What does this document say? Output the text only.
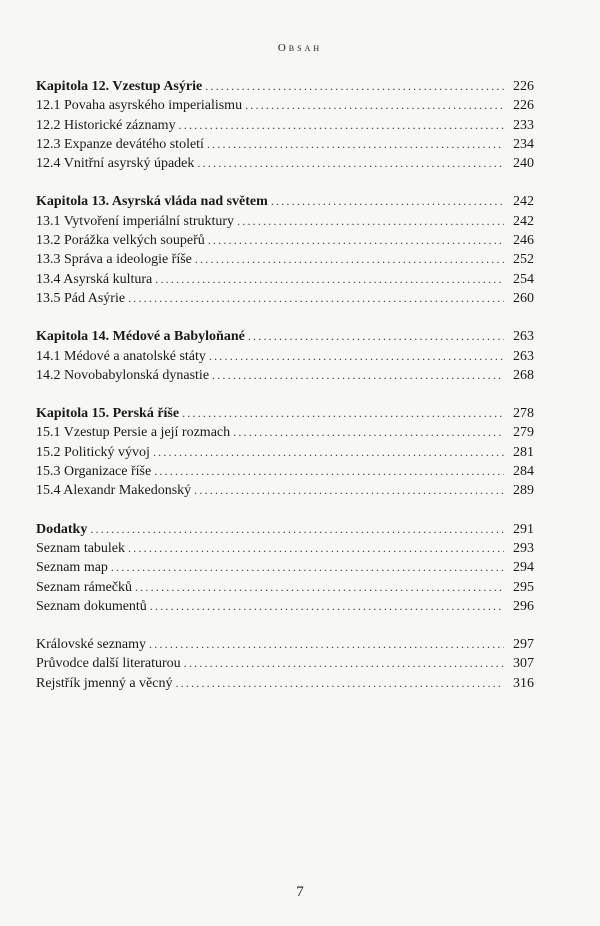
Obsah
Kapitola 12. Vzestup Asýrie . . .	226
12.1 Povaha asyrského imperialismu . . .	226
12.2 Historické záznamy . . .	233
12.3 Expanze devátého století . . .	234
12.4 Vnitřní asyrský úpadek . . .	240
Kapitola 13. Asyrská vláda nad světem . . .	242
13.1 Vytvoření imperiální struktury . . .	242
13.2 Porážka velkých soupeřů . . .	246
13.3 Správa a ideologie říše . . .	252
13.4 Asyrská kultura . . .	254
13.5 Pád Asýrie . . .	260
Kapitola 14. Médové a Babyloňané . . .	263
14.1 Médové a anatolské státy . . .	263
14.2 Novobabylonská dynastie . . .	268
Kapitola 15. Perská říše . . .	278
15.1 Vzestup Persie a její rozmach . . .	279
15.2 Politický vývoj . . .	281
15.3 Organizace říše . . .	284
15.4 Alexandr Makedonský . . .	289
Dodatky . . .	291
Seznam tabulek . . .	293
Seznam map . . .	294
Seznam rámečků . . .	295
Seznam dokumentů . . .	296
Královské seznamy . . .	297
Průvodce další literaturou . . .	307
Rejstřík jmenný a věcný . . .	316
7
